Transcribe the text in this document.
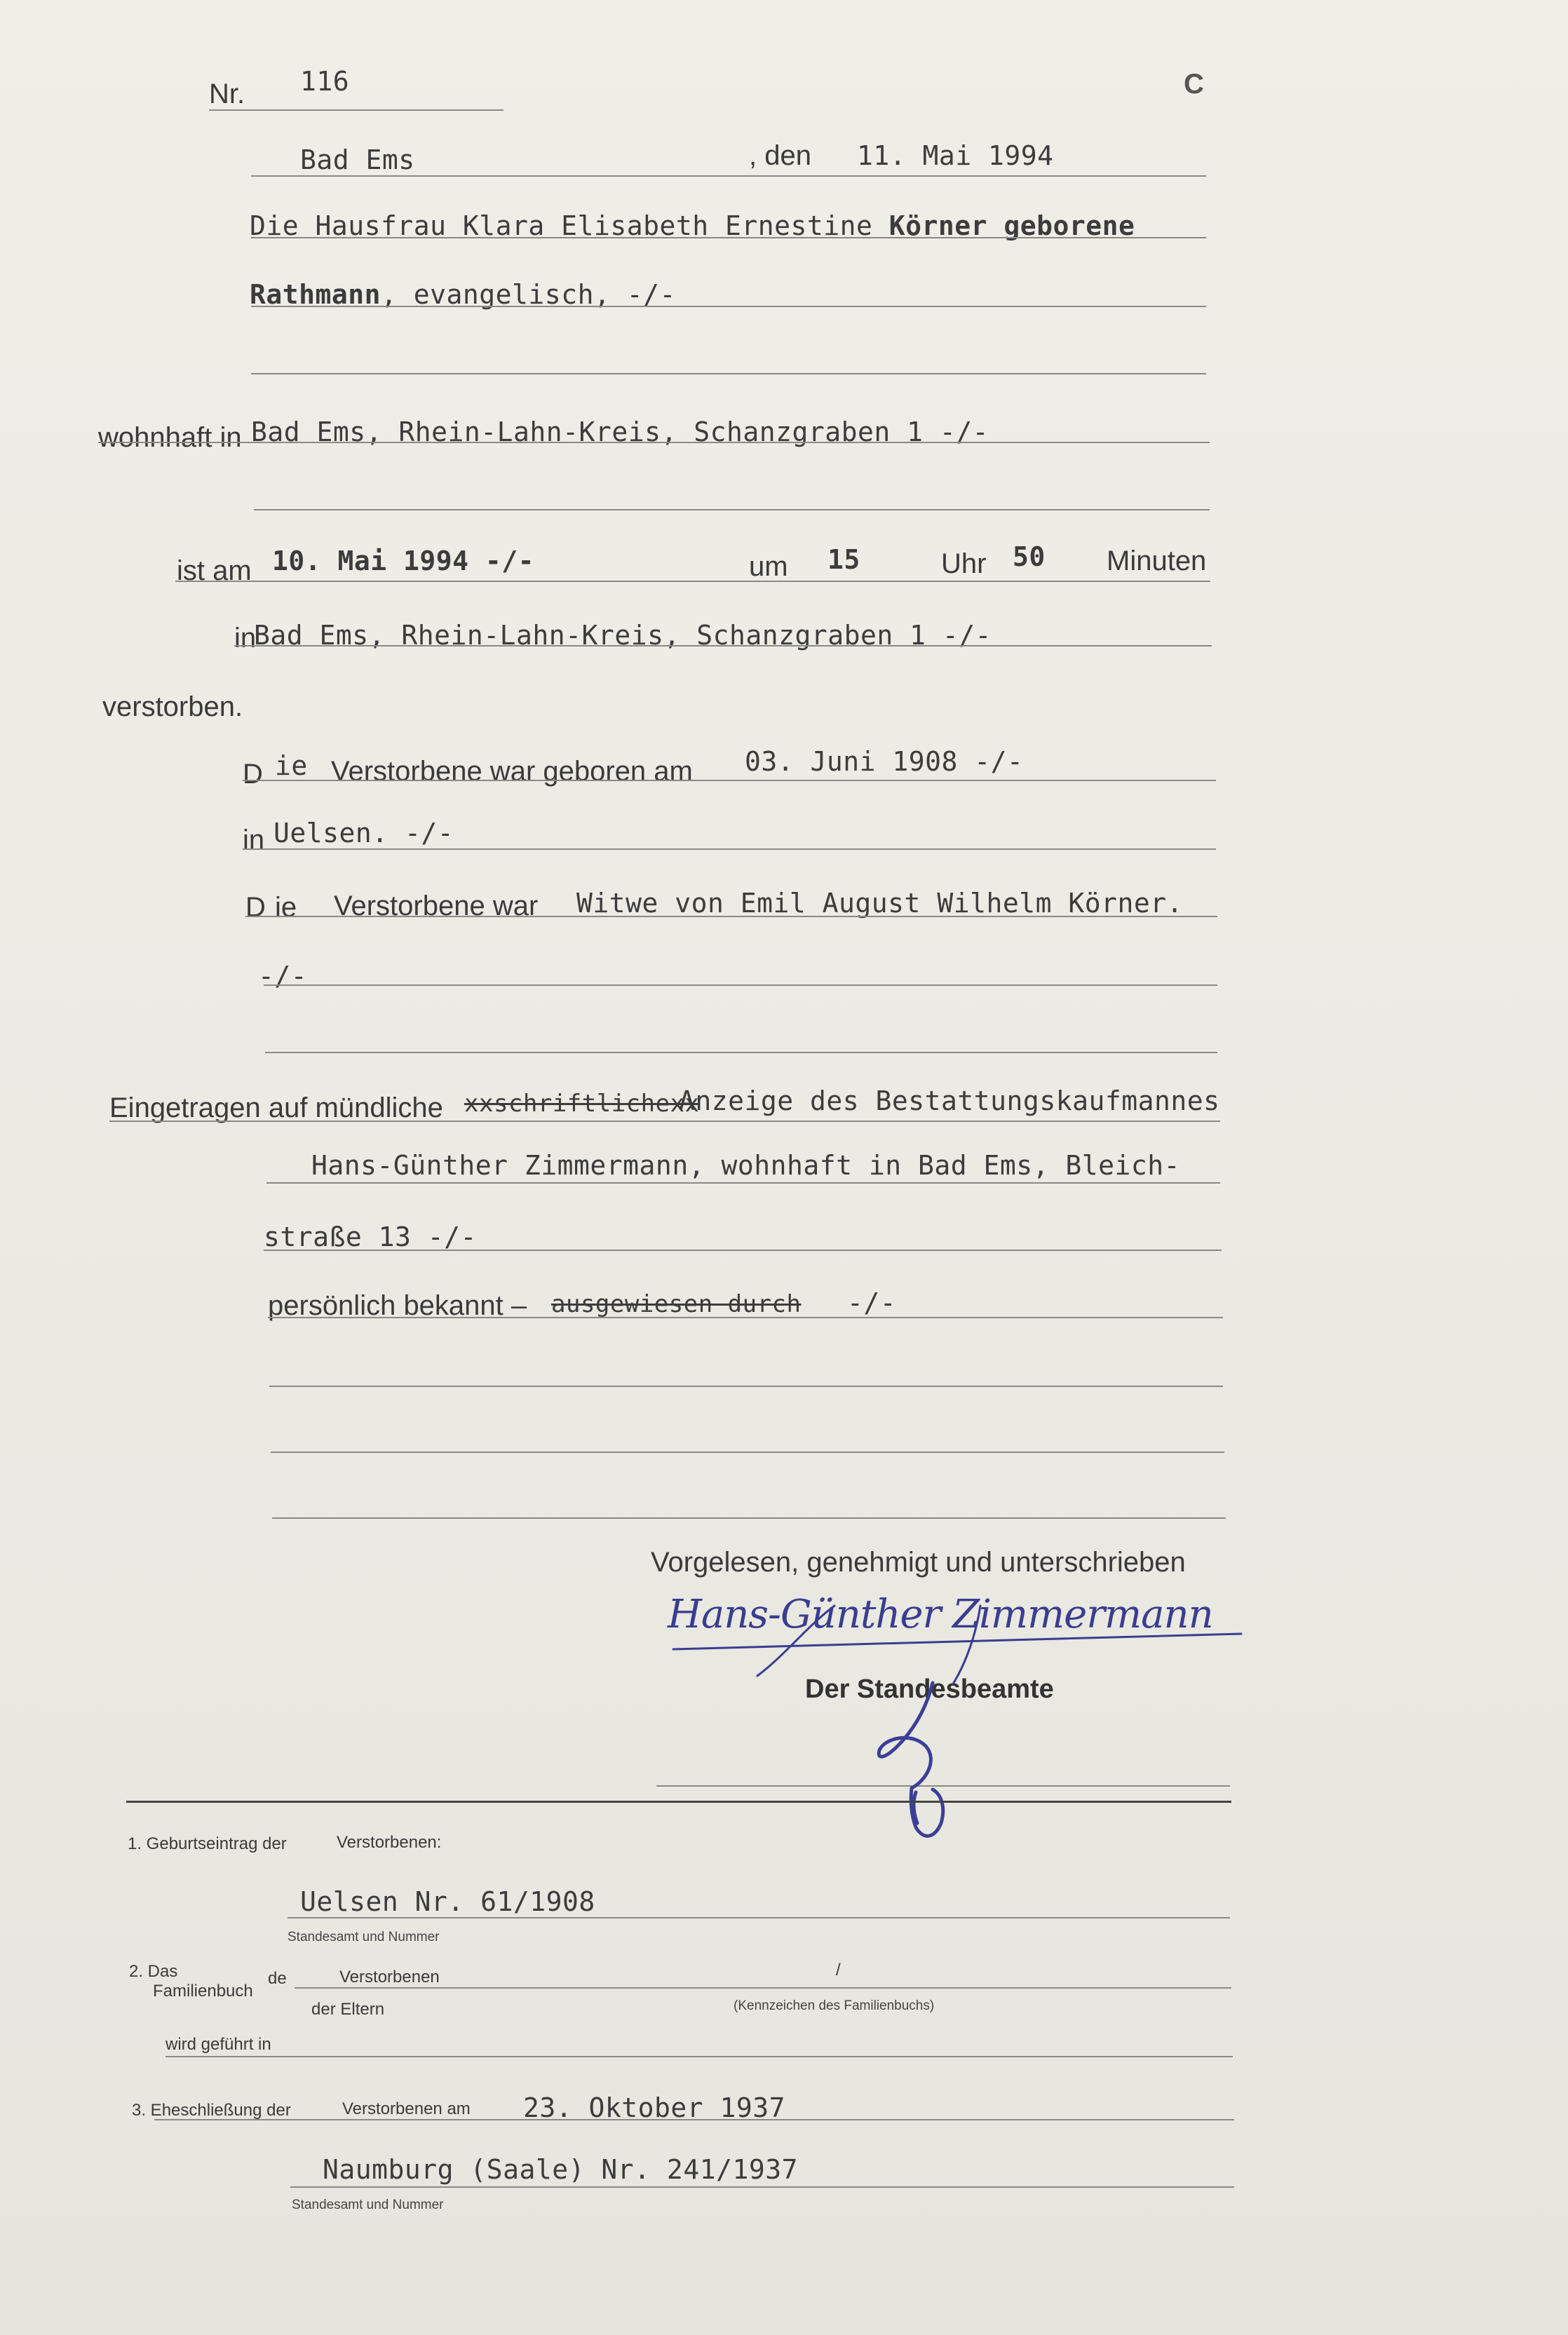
Nr. 116	C
Bad Ems	, den 11. Mai 1994
Die Hausfrau Klara Elisabeth Ernestine Körner geborene
Rathmann, evangelisch, -/-
wohnhaft in Bad Ems, Rhein-Lahn-Kreis, Schanzgraben 1 -/-
ist am 10. Mai 1994 -/-	um 15	Uhr 50 Minuten
in
Bad Ems, Rhein-Lahn-Kreis, Schanzgraben 1 -/-
verstorben.
D ie Verstorbene war geboren am 03. Juni 1908 -/-
in Uelsen. -/-
D ie Verstorbene war Witwe von Emil August Wilhelm Körner.
-/-
Eingetragen auf mündliche xxschriftlichexx
Anzeige des Bestattungskaufmannes
Hans-Günther Zimmermann, wohnhaft in Bad Ems, Bleich-
straße 13 -/-
persönlich bekannt – ausgewiesen durch -/-
Vorgelesen, genehmigt und unterschrieben
Hans-Günther Zimmermann
Der Standesbeamte
1. Geburtseintrag der	Verstorbenen:
Uelsen Nr. 61/1908
Standesamt und Nummer
2. Das
Familienbuch
de	Verstorbenen	/
der Eltern	(Kennzeichen des Familienbuchs)
wird geführt in
3. Eheschließung der	Verstorbenen am 23. Oktober 1937
Naumburg (Saale) Nr. 241/1937
Standesamt und Nummer
